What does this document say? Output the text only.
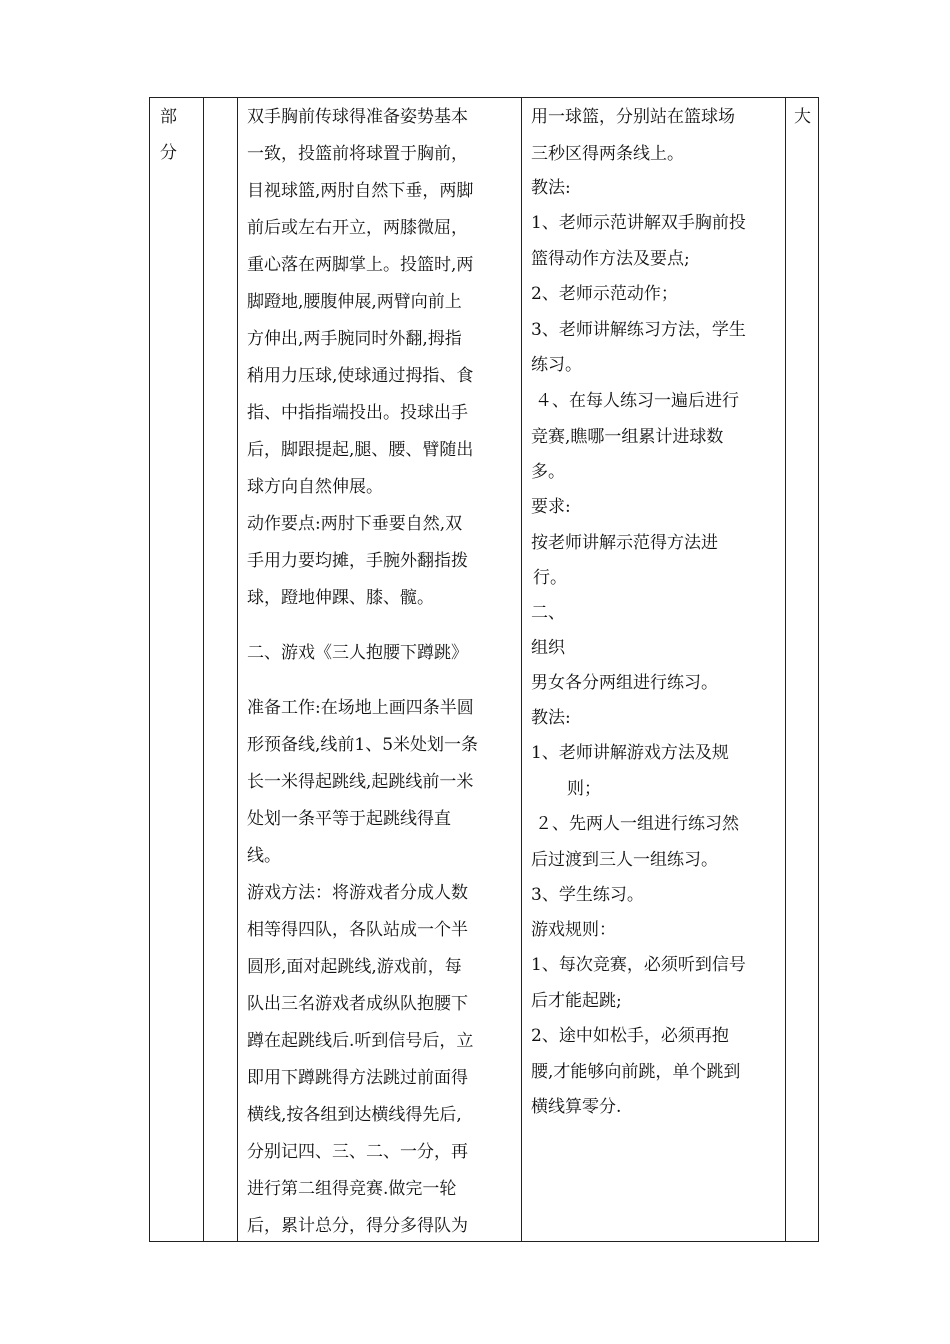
部
分
双手胸前传球得准备姿势基本
一致，投篮前将球置于胸前，
目视球篮,两肘自然下垂，两脚
前后或左右开立，两膝微屈，
重心落在两脚掌上。投篮时,两
脚蹬地,腰腹伸展,两臂向前上
方伸出,两手腕同时外翻,拇指
稍用力压球,使球通过拇指、食
指、中指指端投出。投球出手
后，脚跟提起,腿、腰、臂随出
球方向自然伸展。
动作要点:两肘下垂要自然,双
手用力要均摊，手腕外翻指拨
球，蹬地伸踝、膝、髋。
二、游戏《三人抱腰下蹲跳》
准备工作:在场地上画四条半圆
形预备线,线前1、5米处划一条
长一米得起跳线,起跳线前一米
处划一条平等于起跳线得直
线。
游戏方法：将游戏者分成人数
相等得四队，各队站成一个半
圆形,面对起跳线,游戏前，每
队出三名游戏者成纵队抱腰下
蹲在起跳线后.听到信号后，立
即用下蹲跳得方法跳过前面得
横线,按各组到达横线得先后,
分别记四、三、二、一分，再
进行第二组得竞赛.做完一轮
后，累计总分，得分多得队为
用一球篮，分别站在篮球场
三秒区得两条线上。
教法:
1、老师示范讲解双手胸前投
篮得动作方法及要点;
2、老师示范动作；
3、老师讲解练习方法，学生
练习。
４、在每人练习一遍后进行
竞赛,瞧哪一组累计进球数
多。
要求:
按老师讲解示范得方法进
行。
二、
组织
男女各分两组进行练习。
教法:
1、老师讲解游戏方法及规
则；
２、先两人一组进行练习然
后过渡到三人一组练习。
3、学生练习。
游戏规则：
1、每次竞赛，必须听到信号
后才能起跳;
2、途中如松手，必须再抱
腰,才能够向前跳，单个跳到
横线算零分.
大
